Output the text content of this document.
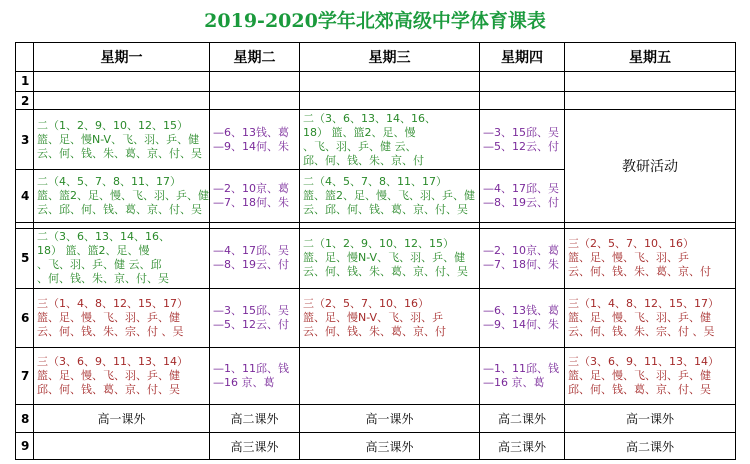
2019-2020学年北郊高级中学体育课表
	星期一	星期二	星期三	星期四	星期五
1					
2					
3	二（1、2、9、10、12、15）
篮、足、慢N-V、飞、羽、乒、健
云、何、钱、朱、葛、京、付、吴	—6、13钱、葛
—9、14何、朱	二（3、6、13、14、16、
18） 篮、篮2、足、慢
、飞、羽、乒、健 云、
邱、何、钱、朱、京、付	—3、15邱、吴
—5、12云、付	教研活动
4	二（4、5、7、8、11、17）
篮、篮2、足、慢、飞、羽、乒、健
云、邱、何、钱、葛、京、付、吴	—2、10京、葛
—7、18何、朱	二（4、5、7、8、11、17）
篮、篮2、足、慢、飞、羽、乒、健
云、邱、何、钱、葛、京、付、吴	—4、17邱、吴
—8、19云、付	

5	二（3、6、13、14、16、
18） 篮、篮2、足、慢
、飞、羽、乒、健 云、邱
、何、钱、朱、京、付、吴	—4、17邱、吴
—8、19云、付	二（1、2、9、10、12、15）
篮、足、慢N-V、飞、羽、乒、健
云、何、钱、朱、葛、京、付、吴	—2、10京、葛
—7、18何、朱	三（2、5、7、10、16）
篮、足、慢、飞、羽、乒
云、何、钱、朱、葛、京、付

6	三（1、4、8、12、15、17）
篮、足、慢、飞、羽、乒、健
云、何、钱、朱、宗、付 、吴	—3、15邱、吴
—5、12云、付	三（2、5、7、10、16）
篮、足、慢N-V、飞、羽、乒
云、何、钱、朱、葛、京、付	—6、13钱、葛
—9、14何、朱	三（1、4、8、12、15、17）
篮、足、慢、飞、羽、乒、健
云、何、钱、朱、宗、付 、吴

7	三（3、6、9、11、13、14）
篮、足、慢、飞、羽、乒、健
邱、何、钱、葛、京、付、吴	—1、11邱、钱
—16 京、葛		—1、11邱、钱
—16 京、葛	三（3、6、9、11、13、14）
篮、足、慢、飞、羽、乒、健
邱、何、钱、葛、京、付、吴

8	高一课外	高二课外	高一课外	高二课外	高一课外
9		高三课外	高三课外	高三课外	高二课外
